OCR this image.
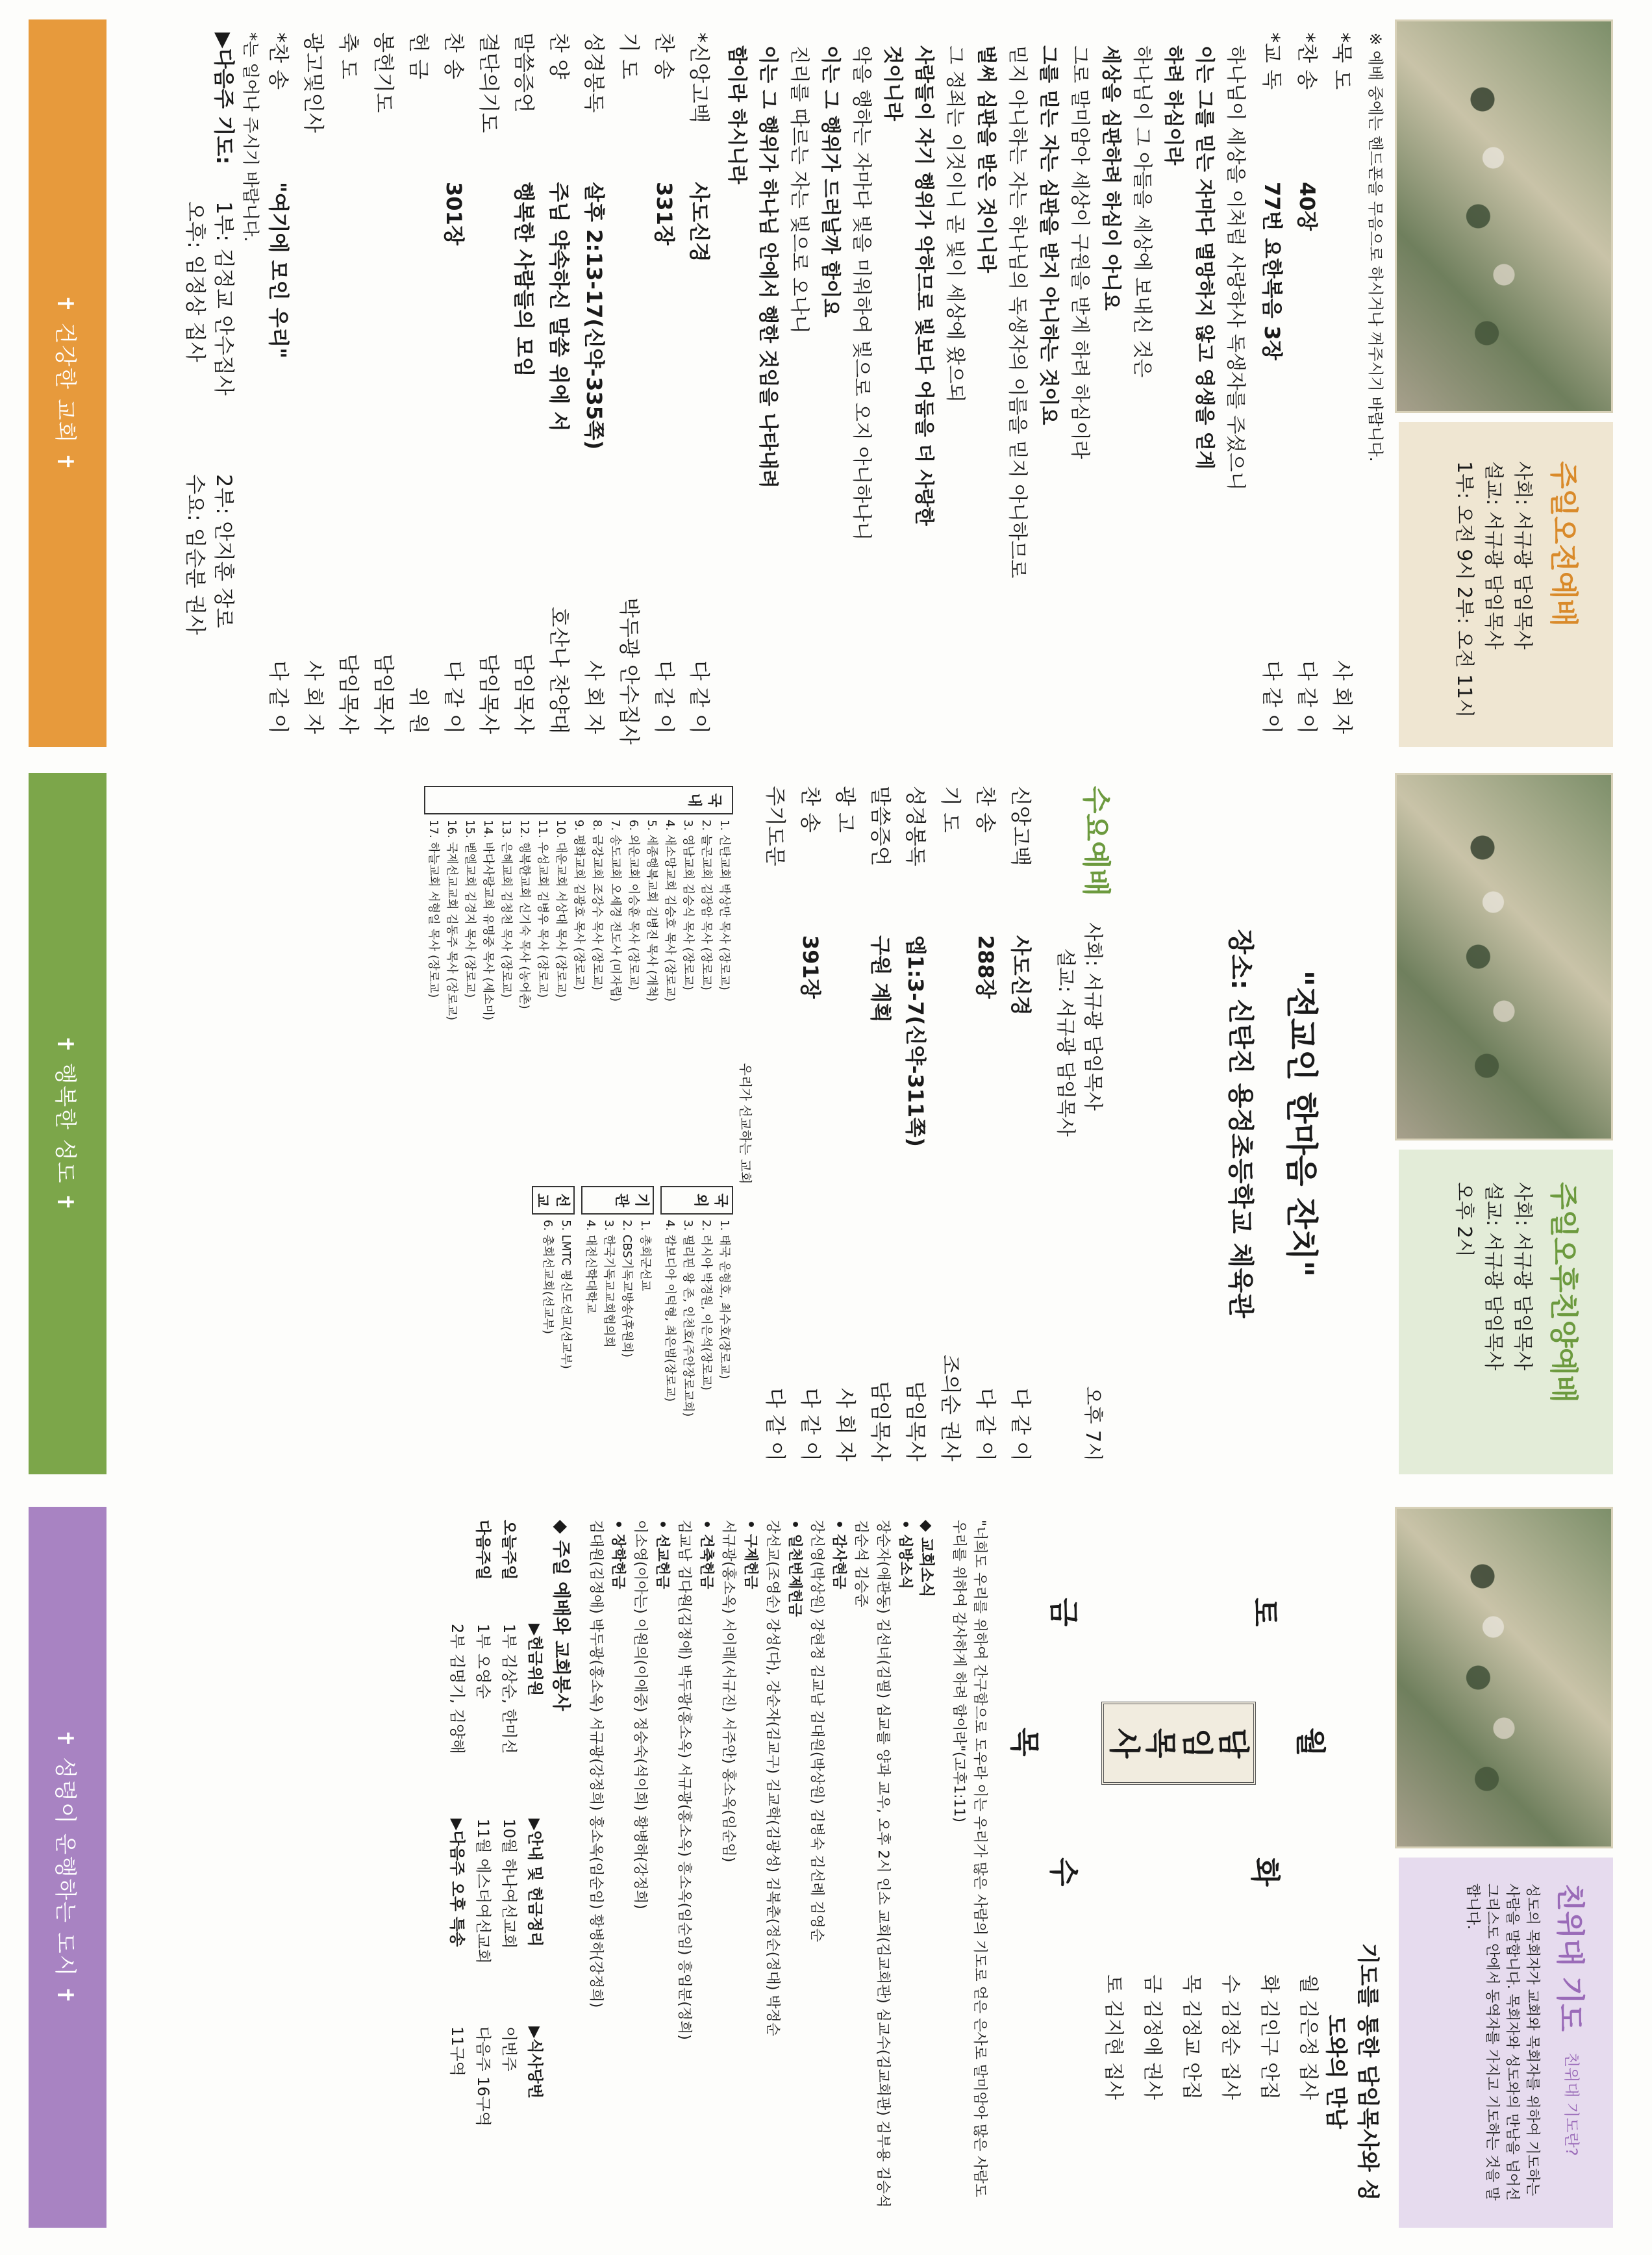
주일오전예배
사회: 서규광 담임목사
설교: 서규광 담임목사
1부: 오전 9시 2부: 오전 11시
※ 예배 중에는 핸드폰을 무음으로 하시거나 꺼주시기 바랍니다.
*묵 도
사 회 자
*찬 송
40장
다 같 이
*교 독
77번 요한복음 3장
다 같 이
하나님이 세상을 이처럼 사랑하사 독생자를 주셨으니
이는 그를 믿는 자마다 멸망하지 않고 영생을 얻게
하려 하심이라
하나님이 그 아들을 세상에 보내신 것은
세상을 심판하려 하심이 아니요
그로 말미암아 세상이 구원을 받게 하려 하심이라
그를 믿는 자는 심판을 받지 아니하는 것이요
믿지 아니하는 자는 하나님의 독생자의 이름을 믿지 아니하므로
벌써 심판을 받은 것이니라
그 정죄는 이것이니 곧 빛이 세상에 왔으되
사람들이 자기 행위가 악하므로 빛보다 어둠을 더 사랑한
것이니라
악을 행하는 자마다 빛을 미워하여 빛으로 오지 아니하나니
이는 그 행위가 드러날까 함이요
진리를 따르는 자는 빛으로 오나니
이는 그 행위가 하나님 안에서 행한 것임을 나타내려
함이라 하시니라
*신앙고백
사도신경
다 같 이
찬 송
331장
다 같 이
기 도
박두광 안수집사
성경봉독
살후 2:13-17(신약-335쪽)
사 회 자
찬 양
주님 약속하신 말씀 위에 서
호산나 찬양대
말씀증언
행복한 사람들의 모임
담임목사
결단의기도
담임목사
찬 송
301장
다 같 이
헌 금
위 원
봉헌기도
담임목사
축 도
담임목사
광고및인사
사 회 자
*찬 송
"여기에 모인 우리"
다 같 이
*는 일어나 주시기 바랍니다.
▶다음주 기도:
1부: 김정교 안수집사
2부: 안지훈 장로
오후: 임정상 집사
수요: 임순분 권사
✝ 건강한 교회 ✝
주일오후친양예배
사회: 서규광 담임목사
설교: 서규광 담임목사
오후 2시
"전교인 한마음 잔치"
장소: 신탄진 용정초등학교 체육관
수요예배
사회: 서규광 담임목사
오후 7시
설교: 서규광 담임목사
신앙고백
사도신경
다 같 이
찬 송
288장
다 같 이
기 도
조의순 권사
성경봉독
엡1:3-7(신약-311쪽)
담임목사
말씀증언
구원 계획
담임목사
광 고
사 회 자
찬 송
391장
다 같 이
주기도문
다 같 이
우리가 선교하는 교회
국내
1. 신탄교회 박상만 목사 (장로교)
2. 늘곤교회 김장암 목사 (장로교)
3. 영남교회 김승식 목사 (장로교)
4. 새소망교회 김승호 목사 (장로교)
5. 세종행복교회 김병진 목사 (개척)
6. 외운교회 이승훈 목사 (장로교)
7. 송도교회 오세경 전도사 (미자립)
8. 금강교회 조강수 목사 (장로교)
9. 평화교회 김광호 목사 (장로교)
10. 대운교회 서상대 목사 (장로교)
11. 우성교회 김병우 목사 (장로교)
12. 행복한교회 신기숙 목사 (농어촌)
13. 은혜교회 김청천 목사 (장로교)
14. 바다사랑교회 유명중 목사 (세소미)
15. 벧엘교회 김경지 목사 (장로교)
16. 국제선교교회 김동주 목사 (장로교)
17. 하늘교회 서형일 목사 (장로교)
국외
1. 태국 운형호, 최수호(장로교)
2. 러시아 박경원, 이은석(장로교)
3. 필리핀 왕 존, 인천호(주안장로교회)
4. 캄보디아 이덕형, 최은범(장로교)
기관
1. 총회군선교
2. CBS기독교방송(후원회)
3. 한국기독교교회협의회
4. 대전신학대학교
선교
5. LMTC 평신도선교(선교부)
6. 총회선교회(선교부)
✝ 행복한 성도 ✝
친위대 기도
친위대 기도란?
성도의 목회자가 교회와 목회자를 위하여 기도하는 사람을 말합니다. 목회자와 성도와의 만남을 넘어선 그리스도 안에서 동역자를 가지고 기도하는 것을 말합니다.
기도를 통한 담임목사와 성도와의 만남
담
임
목
사	월
화
수
목
금	토
월 김은정 집사
화 김인구 안집
수 김정순 집사
목 김정교 안집
금 김정애 권사
토 김지현 집사
"너희도 우리를 위하여 간구함으로 도우라 이는 우리가 많은 사람의 기도로 얻은 은사로 말미암아 많은 사람도 우리를 위하여 감사하게 하려 함이라"(고후1:11)
◆ 교회소식
• 심방소식
장순자(애관동) 김선녀(김필) 심교를 양과 교우, 오후 2시 인소 교회(김교회관) 심교수(김교회관) 김부용 김승석 김순석 김승준
• 감사현금
강신영(박상원) 강현정 김교남 김대원(박상원) 김병숙 김선례 김영순
• 일천번제헌금
강선교(조영순) 강성(다), 강순자(김교구) 김교학(김광성) 김복춘(정순(정대) 박정순
• 구제헌금
서규광(홍소옥) 서이레(서규진) 서주안) 홍소옥(임순임)
• 건축헌금
김교남 김다원(김정애) 박두광(홍소옥) 서규광(홍소옥) 흥소옥(임순임) 흥임분(정희)
• 선교헌금
이소영(이아는) 이원의(이애중) 정숭숙(석이희) 황병하(강정희)
• 장학헌금
김대원(김정애) 박두광(홍소옥) 서규광(강정희) 홍소옥(임순임) 황병하(강정희)
◆ 주일 예배와 교회봉사
▶헌금위원
▶안내 및 헌금정리
▶식사당번
오늘주일
1부 김상순, 한미선
10월 하나여선교회
이번주
다음주일
1부 오영순
11월 에스더여선교회
다음주 16구역
2부 김명기, 김양해
▶다음주 오후 특송
11구역
✝ 성령이 운행하는 도시 ✝
